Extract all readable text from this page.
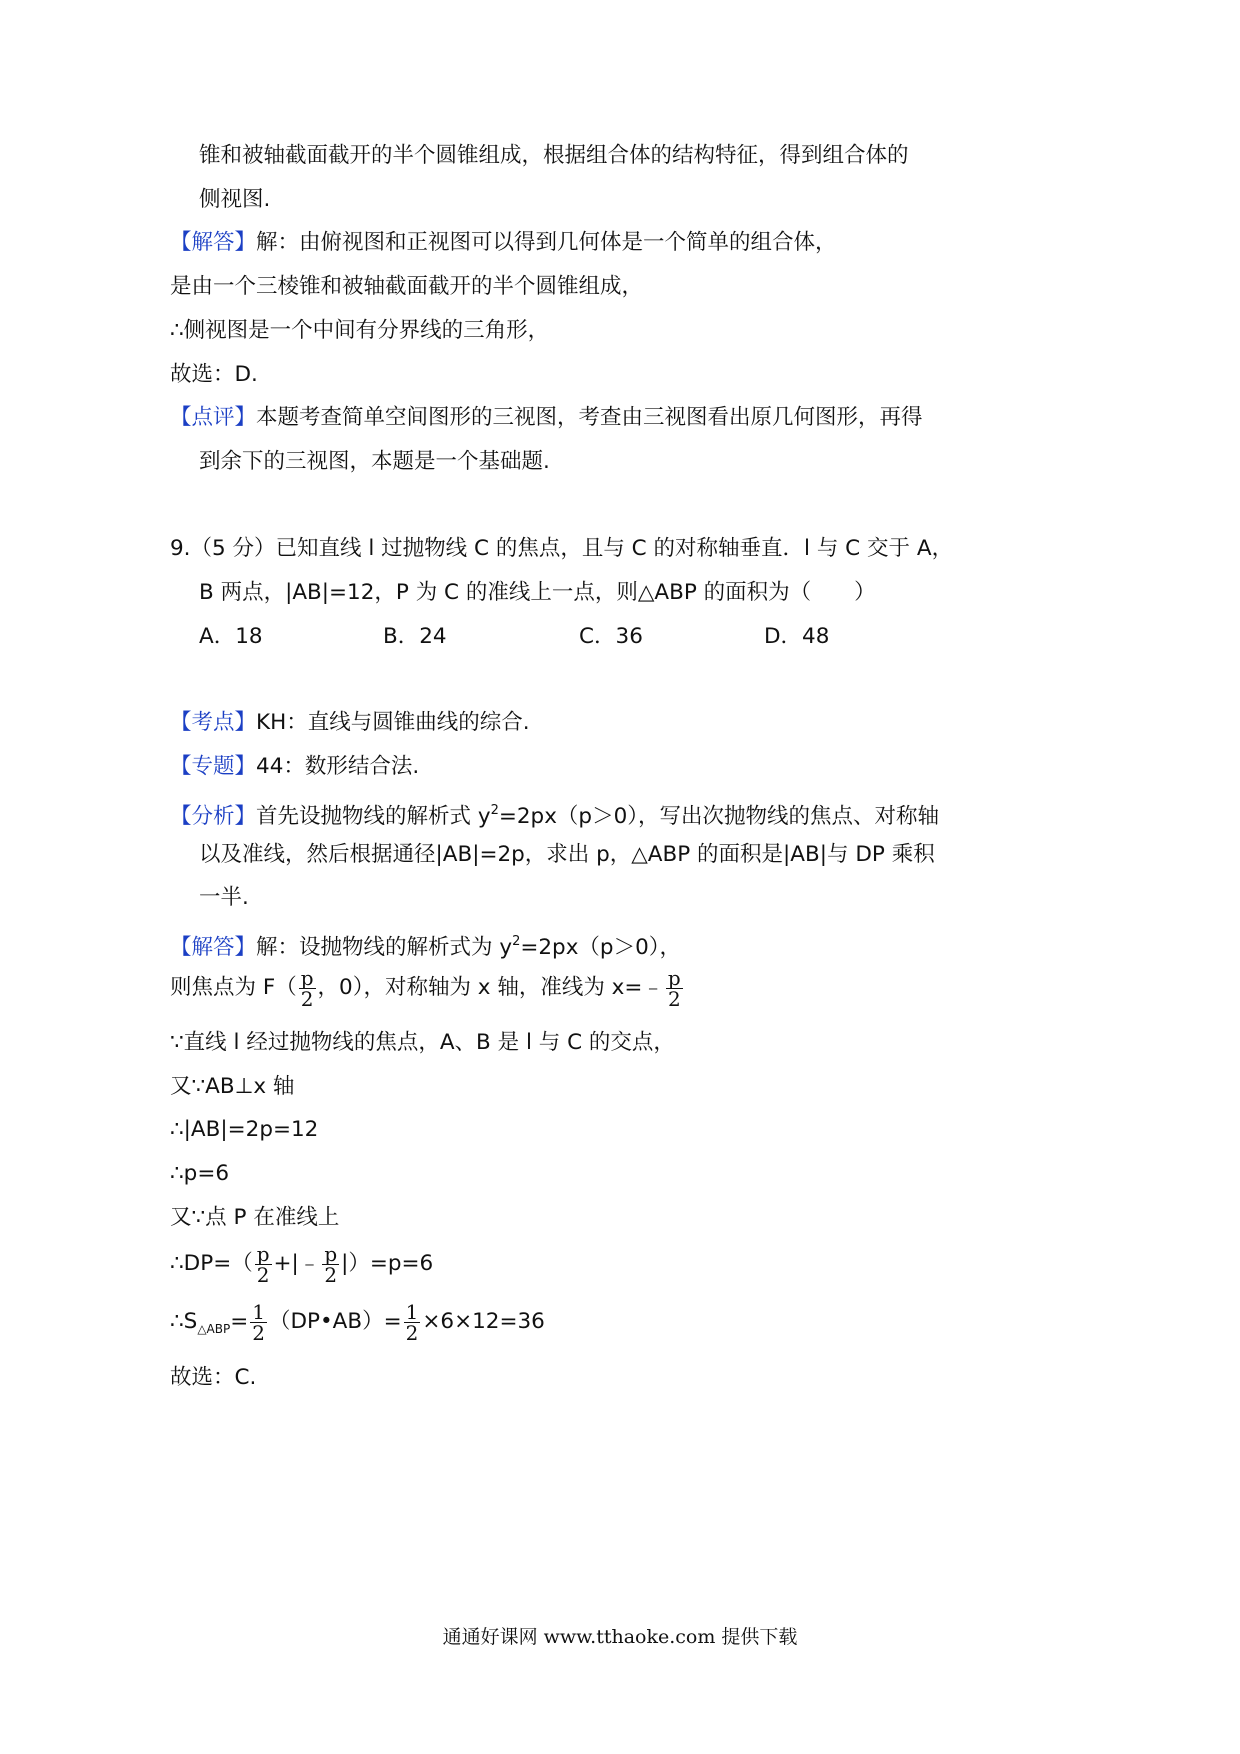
锥和被轴截面截开的半个圆锥组成，根据组合体的结构特征，得到组合体的
侧视图.
【解答】解：由俯视图和正视图可以得到几何体是一个简单的组合体，
是由一个三棱锥和被轴截面截开的半个圆锥组成，
∴侧视图是一个中间有分界线的三角形，
故选：D.
【点评】本题考查简单空间图形的三视图，考查由三视图看出原几何图形，再得
到余下的三视图，本题是一个基础题.
9.（5 分）已知直线 l 过抛物线 C 的焦点，且与 C 的对称轴垂直．l 与 C 交于 A，
B 两点，|AB|=12，P 为 C 的准线上一点，则△ABP 的面积为（　　）
A．18	B．24	C．36	D．48
【考点】KH：直线与圆锥曲线的综合.
【专题】44：数形结合法.
【分析】首先设抛物线的解析式 $y^2=2px(p>0)$，写出次抛物线的焦点、对称轴
以及准线，然后根据通径|AB|=2p，求出 p，△ABP 的面积是|AB|与 DP 乘积
一半.
【解答】解：设抛物线的解析式为 $y^2=2px(p>0)$，
则焦点为 $F( \frac{p}{2}$ ，0），对称轴为 x 轴，准线为 x=﹣ $\frac{p}{2}$
∵直线 l 经过抛物线的焦点，A、B 是 l 与 C 的交点，
又∵AB⊥x 轴
∴|AB|=2p=12
∴p=6
又∵点 P 在准线上
∴DP=（ $\frac{p}{2}$ +|﹣ $\frac{p}{2} |)=p=6$
$\therefore S_{\triangle ABP}= \frac{1}{2}$ （DP•AB）= $\frac{1}{2} \times 6\times 12=36$
故选：C.
通通好课网 www.tthaoke.com 提供下载
